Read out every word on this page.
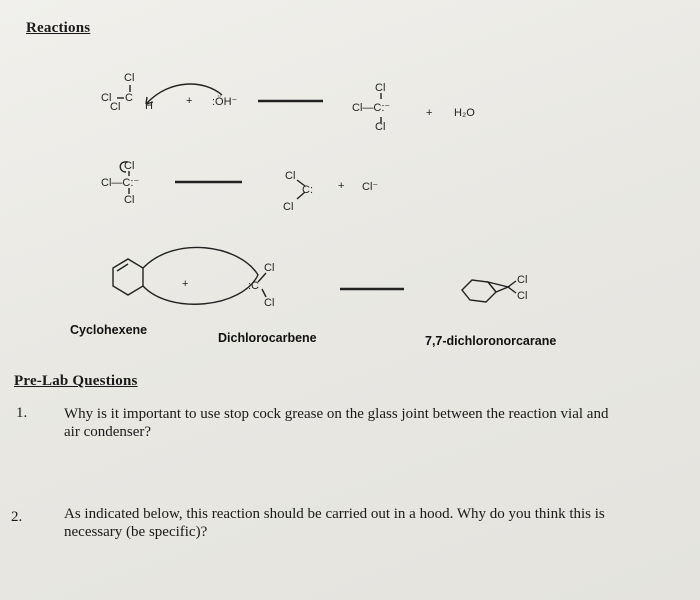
Reactions
Cl
Cl C
H
Cl	+ :ÖH⁻
Cl
Cl—C:⁻
Cl
+ H₂O
Cl
Cl—C:⁻
Cl
Cl
C:
Cl
+ Cl⁻
+
Cl
:C
Cl
Cl
Cl
Cyclohexene
Dichlorocarbene	7,7-dichloronorcarane
Pre-Lab Questions
1. Why is it important to use stop cock grease on the glass joint between the reaction vial and air condenser?
2.	As indicated below, this reaction should be carried out in a hood. Why do you think this is necessary (be specific)?
